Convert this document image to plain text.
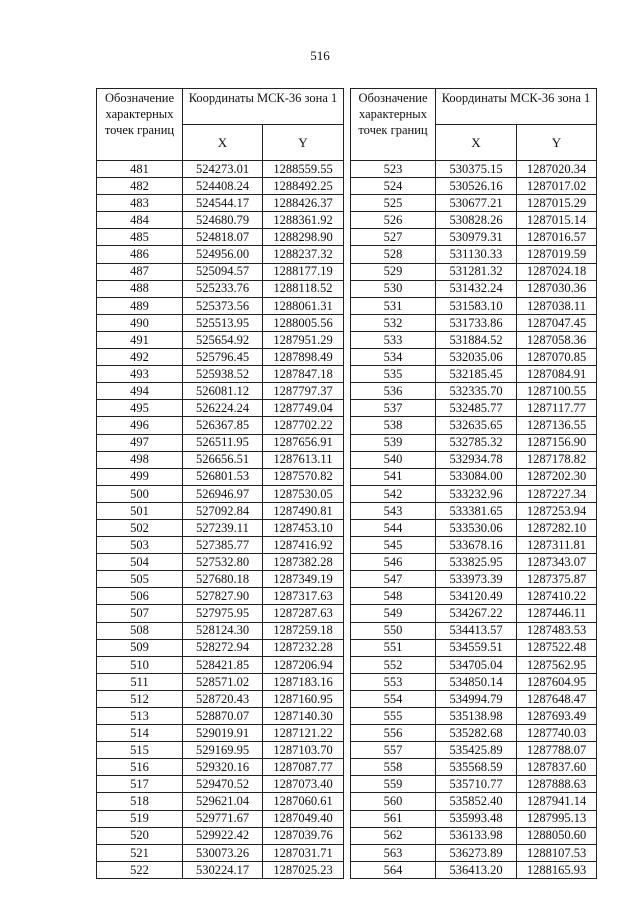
516
Обозначение характерных точек границ	Координаты МСК-36 зона 1	
	X	Y
481	524273.01	1288559.55
482	524408.24	1288492.25
483	524544.17	1288426.37
484	524680.79	1288361.92
485	524818.07	1288298.90
486	524956.00	1288237.32
487	525094.57	1288177.19
488	525233.76	1288118.52
489	525373.56	1288061.31
490	525513.95	1288005.56
491	525654.92	1287951.29
492	525796.45	1287898.49
493	525938.52	1287847.18
494	526081.12	1287797.37
495	526224.24	1287749.04
496	526367.85	1287702.22
497	526511.95	1287656.91
498	526656.51	1287613.11
499	526801.53	1287570.82
500	526946.97	1287530.05
501	527092.84	1287490.81
502	527239.11	1287453.10
503	527385.77	1287416.92
504	527532.80	1287382.28
505	527680.18	1287349.19
506	527827.90	1287317.63
507	527975.95	1287287.63
508	528124.30	1287259.18
509	528272.94	1287232.28
510	528421.85	1287206.94
511	528571.02	1287183.16
512	528720.43	1287160.95
513	528870.07	1287140.30
514	529019.91	1287121.22
515	529169.95	1287103.70
516	529320.16	1287087.77
517	529470.52	1287073.40
518	529621.04	1287060.61
519	529771.67	1287049.40
520	529922.42	1287039.76
521	530073.26	1287031.71
522	530224.17	1287025.23
Обозначение характерных точек границ	Координаты МСК-36 зона 1	
	X	Y
523	530375.15	1287020.34
524	530526.16	1287017.02
525	530677.21	1287015.29
526	530828.26	1287015.14
527	530979.31	1287016.57
528	531130.33	1287019.59
529	531281.32	1287024.18
530	531432.24	1287030.36
531	531583.10	1287038.11
532	531733.86	1287047.45
533	531884.52	1287058.36
534	532035.06	1287070.85
535	532185.45	1287084.91
536	532335.70	1287100.55
537	532485.77	1287117.77
538	532635.65	1287136.55
539	532785.32	1287156.90
540	532934.78	1287178.82
541	533084.00	1287202.30
542	533232.96	1287227.34
543	533381.65	1287253.94
544	533530.06	1287282.10
545	533678.16	1287311.81
546	533825.95	1287343.07
547	533973.39	1287375.87
548	534120.49	1287410.22
549	534267.22	1287446.11
550	534413.57	1287483.53
551	534559.51	1287522.48
552	534705.04	1287562.95
553	534850.14	1287604.95
554	534994.79	1287648.47
555	535138.98	1287693.49
556	535282.68	1287740.03
557	535425.89	1287788.07
558	535568.59	1287837.60
559	535710.77	1287888.63
560	535852.40	1287941.14
561	535993.48	1287995.13
562	536133.98	1288050.60
563	536273.89	1288107.53
564	536413.20	1288165.93
